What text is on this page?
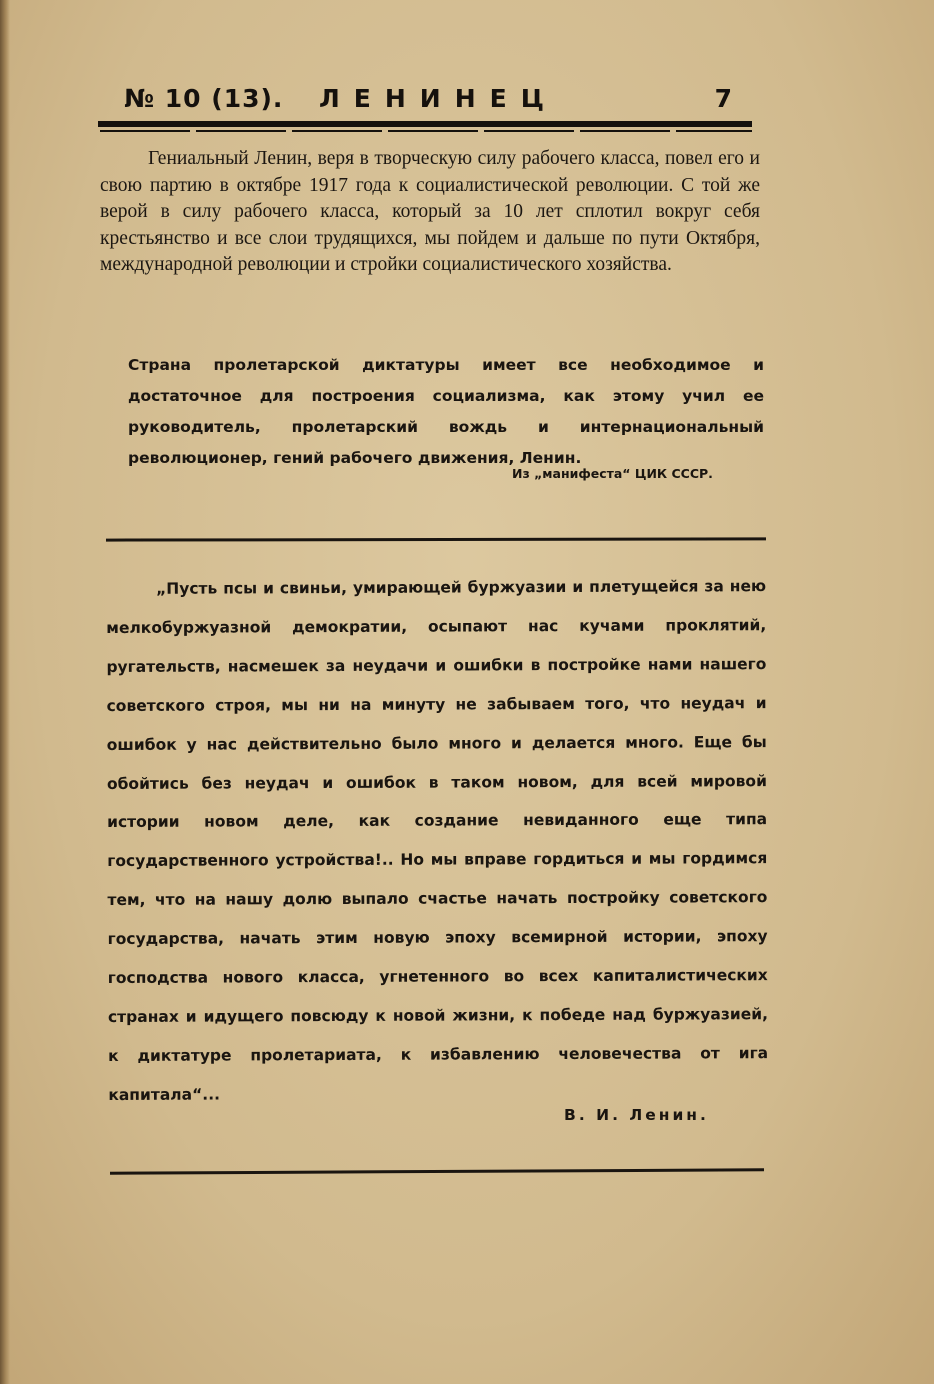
№ 10 (13). ЛЕНИНЕЦ	7
Гениальный Ленин, веря в творческую силу рабочего класса, повел его и свою партию в октябре 1917 года к социалистической революции. С той же верой в силу рабочего класса, который за 10 лет сплотил вокруг себя крестьянство и все слои трудящихся, мы пойдем и дальше по пути Октября, международной революции и стройки социалистического хозяйства.
Страна пролетарской диктатуры имеет все необходимое и достаточное для построения социализма, как этому учил ее руководитель, пролетарский вождь и интернациональный революционер, гений рабочего движения, Ленин.
Из „манифеста“ ЦИК СССР.
„Пусть псы и свиньи, умирающей буржуазии и плетущейся за нею мелкобуржуазной демократии, осыпают нас кучами проклятий, ругательств, насмешек за неудачи и ошибки в постройке нами нашего советского строя, мы ни на минуту не забываем того, что неудач и ошибок у нас действительно было много и делается много. Еще бы обойтись без неудач и ошибок в таком новом, для всей мировой истории новом деле, как создание невиданного еще типа государственного устройства!.. Но мы вправе гордиться и мы гордимся тем, что на нашу долю выпало счастье начать постройку советского государства, начать этим новую эпоху всемирной истории, эпоху господства нового класса, угнетенного во всех капиталистических странах и идущего повсюду к новой жизни, к победе над буржуазией, к диктатуре пролетариата, к избавлению человечества от ига капитала“...
В. И. Ленин.
